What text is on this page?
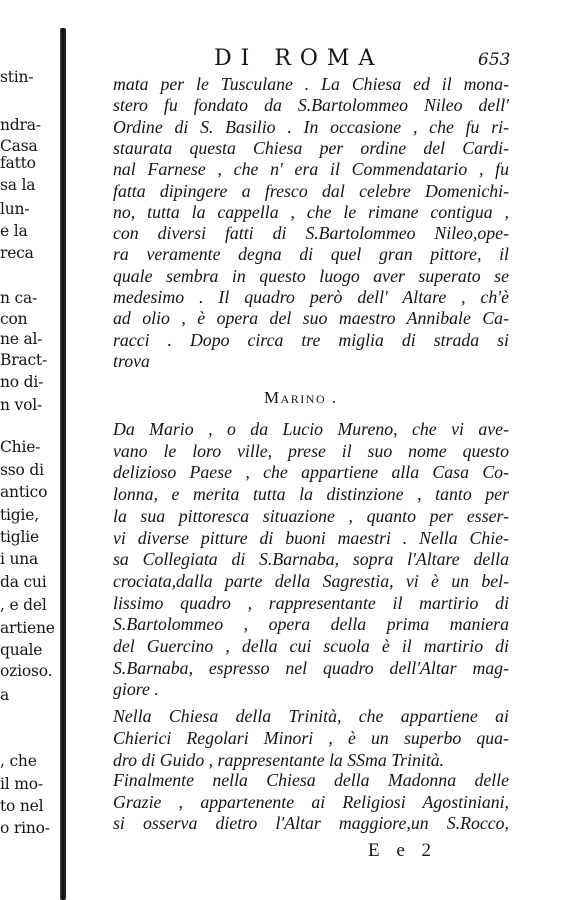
stin-
ndra-
Casa
fatto
sa la
lun-
e la
reca
n ca-
con
ne al-
Bract-
no di-
n vol-
Chie-
sso di
antico
tigie,
tiglie
i una
da cui
, e del
artiene
quale
ozioso.
a
, che
il mo-
to nel
o rino-
DI ROMA	653
mata per le Tusculane . La Chiesa ed il mona-
stero fu fondato da S.Bartolommeo Nileo dell'
Ordine di S. Basilio . In occasione , che fu ri-
staurata questa Chiesa per ordine del Cardi-
nal Farnese , che n' era il Commendatario , fu
fatta dipingere a fresco dal celebre Domenichi-
no, tutta la cappella , che le rimane contigua ,
con diversi fatti di S.Bartolommeo Nileo,ope-
ra veramente degna di quel gran pittore, il
quale sembra in questo luogo aver superato se
medesimo . Il quadro però dell' Altare , ch'è
ad olio , è opera del suo maestro Annibale Ca-
racci . Dopo circa tre miglia di strada si
trova
Da Mario , o da Lucio Mureno, che vi ave-
vano le loro ville, prese il suo nome questo
delizioso Paese , che appartiene alla Casa Co-
lonna, e merita tutta la distinzione , tanto per
la sua pittoresca situazione , quanto per esser-
vi diverse pitture di buoni maestri . Nella Chie-
sa Collegiata di S.Barnaba, sopra l'Altare della
crociata,dalla parte della Sagrestia, vi è un bel-
lissimo quadro , rappresentante il martirio di
S.Bartolommeo , opera della prima maniera
del Guercino , della cui scuola è il martirio di
S.Barnaba, espresso nel quadro dell'Altar mag-
giore .
Nella Chiesa della Trinità, che appartiene ai
Chierici Regolari Minori , è un superbo qua-
dro di Guido , rappresentante la SSma Trinità.
Finalmente nella Chiesa della Madonna delle
Grazie , appartenente ai Religiosi Agostiniani,
si osserva dietro l'Altar maggiore,un S.Rocco,
Marino .
E e 2
